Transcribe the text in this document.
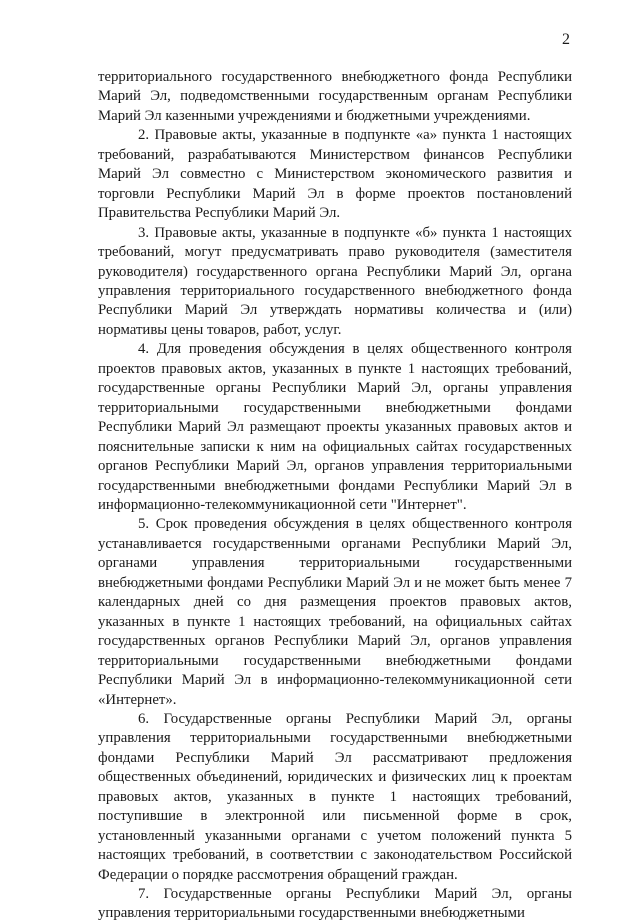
2

территориального государственного внебюджетного фонда Республики Марий Эл, подведомственными государственным органам Республики Марий Эл казенными учреждениями и бюджетными учреждениями.

2. Правовые акты, указанные в подпункте «а» пункта 1 настоящих требований, разрабатываются Министерством финансов Республики Марий Эл совместно с Министерством экономического развития и торговли Республики Марий Эл в форме проектов постановлений Правительства Республики Марий Эл.

3. Правовые акты, указанные в подпункте «б» пункта 1 настоящих требований, могут предусматривать право руководителя (заместителя руководителя) государственного органа Республики Марий Эл, органа управления территориального государственного внебюджетного фонда Республики Марий Эл утверждать нормативы количества и (или) нормативы цены товаров, работ, услуг.

4. Для проведения обсуждения в целях общественного контроля проектов правовых актов, указанных в пункте 1 настоящих требований, государственные органы Республики Марий Эл, органы управления территориальными государственными внебюджетными фондами Республики Марий Эл размещают проекты указанных правовых актов и пояснительные записки к ним на официальных сайтах государственных органов Республики Марий Эл, органов управления территориальными государственными внебюджетными фондами Республики Марий Эл в информационно-телекоммуникационной сети "Интернет".

5. Срок проведения обсуждения в целях общественного контроля устанавливается государственными органами Республики Марий Эл, органами управления территориальными государственными внебюджетными фондами Республики Марий Эл и не может быть менее 7 календарных дней со дня размещения проектов правовых актов, указанных в пункте 1 настоящих требований, на официальных сайтах государственных органов Республики Марий Эл, органов управления территориальными государственными внебюджетными фондами Республики Марий Эл в информационно-телекоммуникационной сети «Интернет».

6. Государственные органы Республики Марий Эл, органы управления территориальными государственными внебюджетными фондами Республики Марий Эл рассматривают предложения общественных объединений, юридических и физических лиц к проектам правовых актов, указанных в пункте 1 настоящих требований, поступившие в электронной или письменной форме в срок, установленный указанными органами с учетом положений пункта 5 настоящих требований, в соответствии с законодательством Российской Федерации о порядке рассмотрения обращений граждан.

7. Государственные органы Республики Марий Эл, органы управления территориальными государственными внебюджетными
